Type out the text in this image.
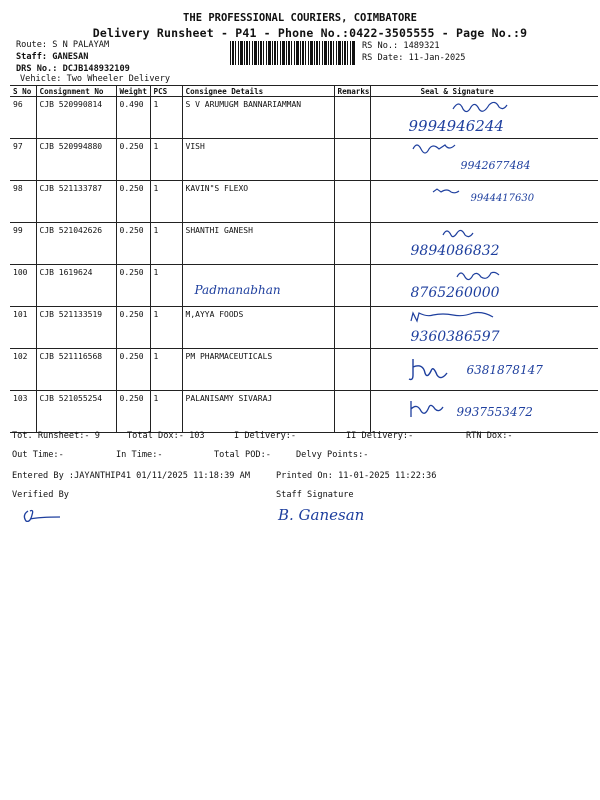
THE PROFESSIONAL COURIERS, COIMBATORE
Delivery Runsheet - P41 - Phone No.:0422-3505555 - Page No.:9
Route: S N PALAYAM
Staff: GANESAN
DRS No.: DCJB148932109
Vehicle: Two Wheeler Delivery
RS No.: 1489321
RS Date: 11-Jan-2025
S No	Consignment No	Weight	PCS	Consignee Details	Remarks	Seal & Signature
96	CJB 520990814	0.490	1	S V ARUMUGM BANNARIAMMAN		9994946244

97	CJB 520994880	0.250	1	VISH		9942677484

98	CJB 521133787	0.250	1	KAVIN"S FLEXO		9944417630

99	CJB 521042626	0.250	1	SHANTHI GANESH		9894086832

100	CJB 1619624	0.250	1	Padmanabhan		8765260000

101	CJB 521133519	0.250	1	M,AYYA FOODS		9360386597

102	CJB 521116568	0.250	1	PM PHARMACEUTICALS		6381878147

103	CJB 521055254	0.250	1	PALANISAMY SIVARAJ		9937553472
Tot. Runsheet:- 9	Total Dox:- 103	I Delivery:-	II Delivery:-	RTN Dox:-
Out Time:-	In Time:-	Total POD:-	Delvy Points:-
Entered By :JAYANTHIP41 01/11/2025 11:18:39 AM	Printed On: 11-01-2025 11:22:36
Verified By	Staff Signature
B. Ganesan
